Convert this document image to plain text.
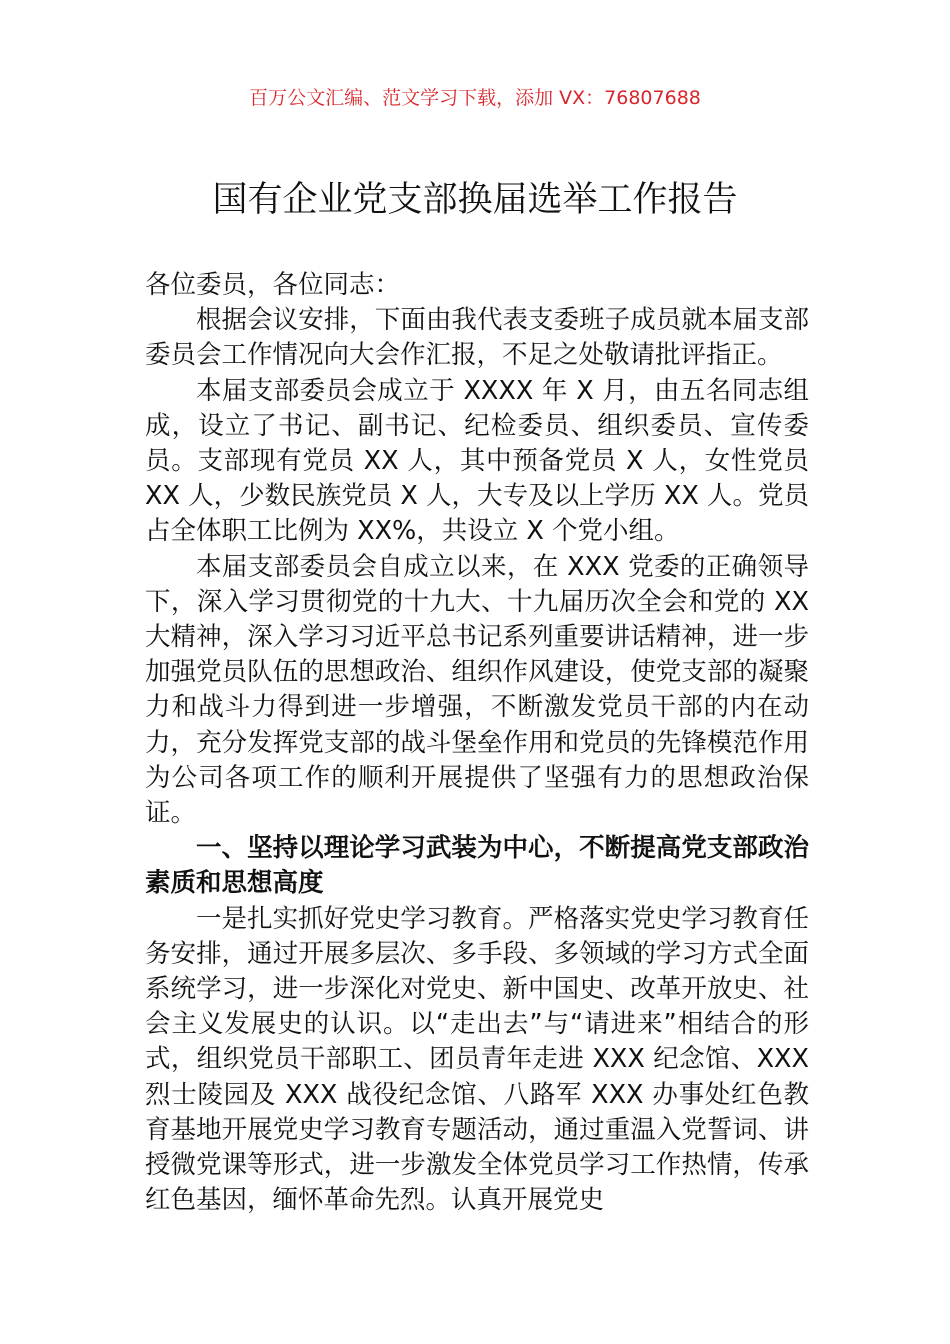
百万公文汇编、范文学习下载，添加 VX：76807688
国有企业党支部换届选举工作报告

各位委员，各位同志：

根据会议安排，下面由我代表支委班子成员就本届支部委员会工作情况向大会作汇报，不足之处敬请批评指正。

本届支部委员会成立于 XXXX 年 X 月，由五名同志组成，设立了书记、副书记、纪检委员、组织委员、宣传委员。支部现有党员 XX 人，其中预备党员 X 人，女性党员 XX 人，少数民族党员 X 人，大专及以上学历 XX 人。党员占全体职工比例为 XX%，共设立 X 个党小组。

本届支部委员会自成立以来，在 XXX 党委的正确领导下，深入学习贯彻党的十九大、十九届历次全会和党的 XX 大精神，深入学习习近平总书记系列重要讲话精神，进一步加强党员队伍的思想政治、组织作风建设，使党支部的凝聚力和战斗力得到进一步增强，不断激发党员干部的内在动力，充分发挥党支部的战斗堡垒作用和党员的先锋模范作用为公司各项工作的顺利开展提供了坚强有力的思想政治保证。

一、坚持以理论学习武装为中心，不断提高党支部政治素质和思想高度

一是扎实抓好党史学习教育。严格落实党史学习教育任务安排，通过开展多层次、多手段、多领域的学习方式全面系统学习，进一步深化对党史、新中国史、改革开放史、社会主义发展史的认识。以“走出去”与“请进来”相结合的形式，组织党员干部职工、团员青年走进 XXX 纪念馆、XXX 烈士陵园及 XXX 战役纪念馆、八路军 XXX 办事处红色教育基地开展党史学习教育专题活动，通过重温入党誓词、讲授微党课等形式，进一步激发全体党员学习工作热情，传承红色基因，缅怀革命先烈。认真开展党史
